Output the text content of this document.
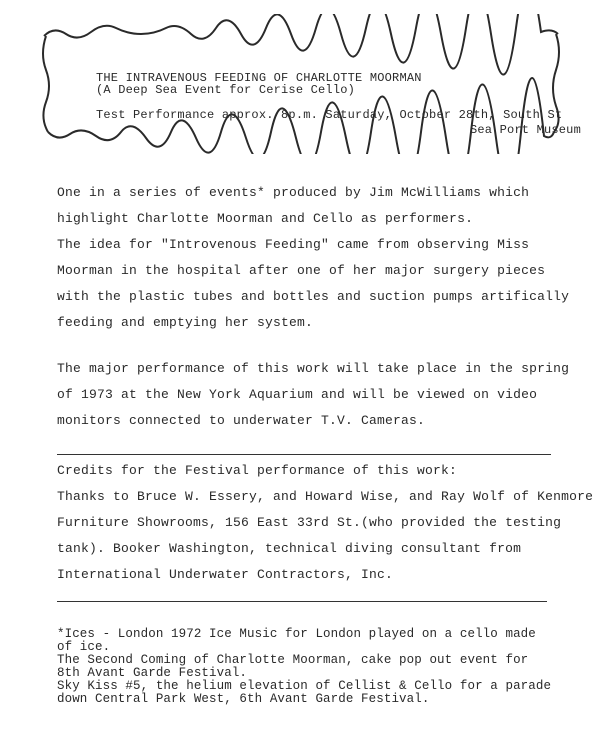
THE INTRAVENOUS FEEDING OF CHARLOTTE MOORMAN
(A Deep Sea Event for Cerise Cello)
Test Performance approx. 8p.m. Saturday, October 28th, South St
Sea Port Museum
One in a series of events* produced by Jim McWilliams which
highlight Charlotte Moorman and Cello as performers.
The idea for "Introvenous Feeding" came from observing Miss
Moorman in the hospital after one of her major surgery pieces
with the plastic tubes and bottles and suction pumps artifically
feeding and emptying her system.
The major performance of this work will take place in the spring
of 1973 at the New York Aquarium and will be viewed on video
monitors connected to underwater T.V. Cameras.
Credits for the Festival performance of this work:
Thanks to Bruce W. Essery, and Howard Wise, and Ray Wolf of Kenmore
Furniture Showrooms, 156 East 33rd St.(who provided the testing
tank). Booker Washington, technical diving consultant from
International Underwater Contractors, Inc.
*Ices - London 1972 Ice Music for London played on a cello made
of ice.
The Second Coming of Charlotte Moorman, cake pop out event for
8th Avant Garde Festival.
Sky Kiss #5, the helium elevation of Cellist & Cello for a parade
down Central Park West, 6th Avant Garde Festival.
